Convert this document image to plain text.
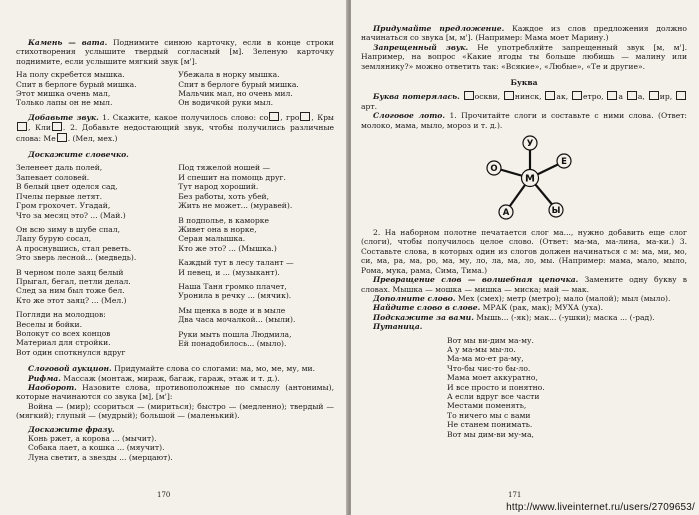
Камень — вата. Поднимите синюю карточку, если в конце строки стихотворения услышите твердый согласный [м]. Зеленую карточку поднимите, если услышите мягкий звук [м'].

На полу скребется мышка.
Спит в берлоге бурый мишка.
Этот мишка очень мал,
Только лапы он не мыл.
Убежала в норку мышка.
Спит в берлоге бурый мишка.
Мальчик мал, но очень мил.
Он водичкой руки мыл.

Добавьте звук. 1. Скажите, какое получилось слово: со , гро , Кры, Кли . 2. Добавьте недостающий звук, чтобы получились различные слова: Ме . (Мел, мех.)

Доскажите словечко.

Зеленеет даль полей,
Запевает соловей.
В белый цвет оделся сад,
Пчелы первые летят.
Гром грохочет. Угадай,
Что за месяц это? ... (Май.)
Он всю зиму в шубе спал,
Лапу бурую сосал,
А проснувшись, стал реветь.
Это зверь лесной... (медведь).
В черном поле заяц белый
Прыгал, бегал, петли делал.
След за ним был тоже бел.
Кто же этот заяц? ... (Мел.)
Погляди на молодцов:
Веселы и бойки.
Волокут со всех концов
Материал для стройки.
Вот один споткнулся вдруг
Под тяжелой ношей —
И спешит на помощь друг.
Тут народ хороший.
Без работы, хоть убей,
Жить не может... (муравей).
В подполье, в каморке
Живет она в норке,
Серая малышка.
Кто же это? ... (Мышка.)
Каждый тут в лесу талант —
И певец, и ... (музыкант).
Наша Таня громко плачет,
Уронила в речку ... (мячик).
Мы щенка в воде и в мыле
Два часа мочалкой... (мыли).
Руки мыть пошла Людмила,
Ей понадобилось... (мыло).

Слоговой аукцион. Придумайте слова со слогами: ма, мо, ме, му, ми.

Рифма. Массаж (монтаж, мираж, багаж, гараж, этаж и т. д.).

Наоборот. Назовите слова, противоположные по смыслу (антонимы), которые начинаются со звука [м], [м']:

Война — (мир); ссориться — (мириться); быстро — (медленно); твердый — (мягкий); глупый — (мудрый); большой — (маленький).

Доскажите фразу.

Конь ржет, а корова ... (мычит).
Собака лает, а кошка ... (мяучит).
Луна светит, а звезды ... (мерцают).
170

Придумайте предложение. Каждое из слов предложения должно начинаться со звука [м, м']. (Например: Мама моет Марину.)

Запрещенный звук. Не употребляйте запрещенный звук [м, м']. Например, на вопрос «Какие ягоды ты больше любишь — малину или землянику?» можно ответить так: «Всякие», «Любые», «Те и другие».

Буква

Буква потерялась. оскви, нинск, ак, етро, а а, ир, арт.

Слоговое лото. 1. Прочитайте слоги и составьте с ними слова. (Ответ: молоко, мама, мыло, мороз и т. д.).

У
Е
Ы
А
О
М

2. На наборном полотне печатается слог ма..., нужно добавить еще слог (слоги), чтобы получилось целое слово. (Ответ: ма-ма, ма-лина, ма-ки.) 3. Составьте слова, в которых один из слогов должен начинаться с м: ма, ми, мо, си, ма, ра, ма, ро, ма, му, ло, ла, ма, ло, мы. (Например: мама, мало, мыло, Рома, мука, рама, Сима, Тима.)

Превращение слов — волшебная цепочка. Замените одну букву в словах. Мышка — мошка — мишка — миска; май — мак.

Дополните слово. Мех (смех); метр (метро); мало (малой); мыл (мыло).

Найдите слово в слове. МРАК (рак, мак); МУХА (уха).

Подскажите за вами. Мышь... (-як); мак... (-ушки); маска ... (-рад).

Путаница.

Вот мы ви-дим ма-му.
А у ма-мы мы-ло.
Ма-ма мо-ет ра-му,
Что-бы чис-то бы-ло.
Мама моет аккуратно,
И все просто и понятно.
А если вдруг все части
Местами поменять,
То ничего мы с вами
Не станем понимать.
Вот мы дим-ви му-ма,
171
http://www.liveinternet.ru/users/2709653/
